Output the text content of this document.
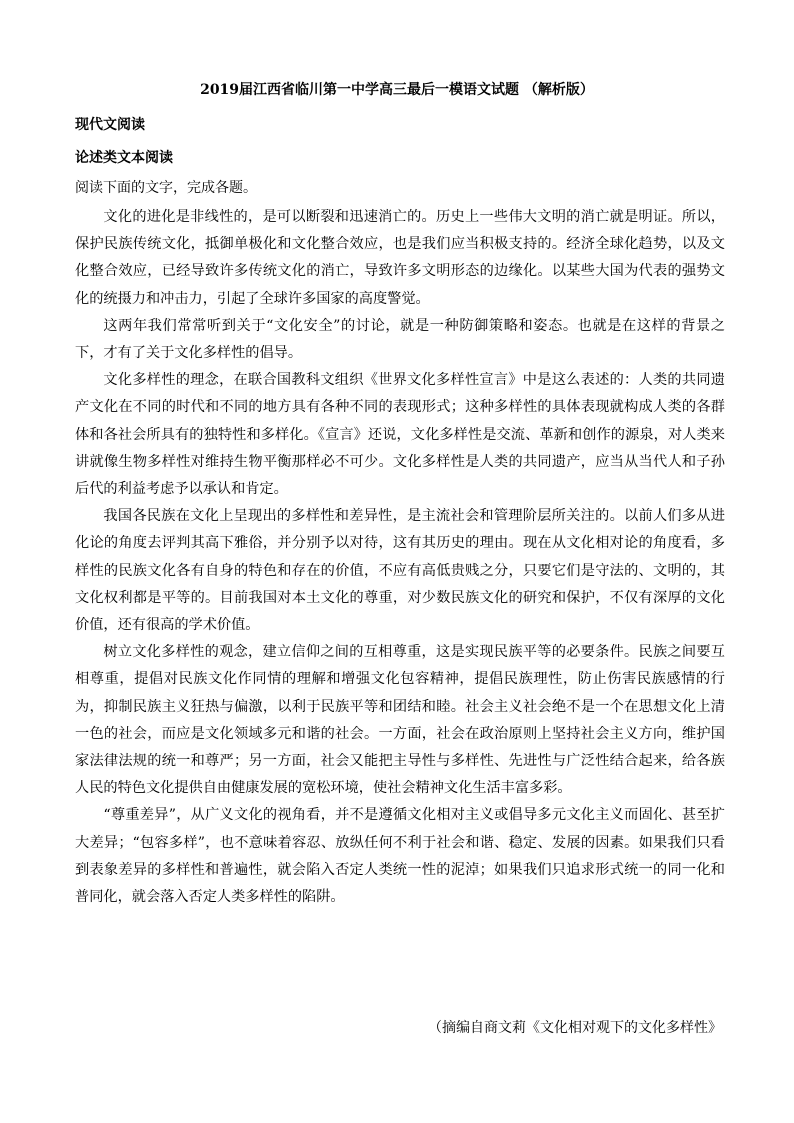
2019届江西省临川第一中学高三最后一模语文试题 （解析版）
现代文阅读
论述类文本阅读
阅读下面的文字，完成各题。

文化的进化是非线性的，是可以断裂和迅速消亡的。历史上一些伟大文明的消亡就是明证。所以，保护民族传统文化，抵御单极化和文化整合效应，也是我们应当积极支持的。经济全球化趋势，以及文化整合效应，已经导致许多传统文化的消亡，导致许多文明形态的边缘化。以某些大国为代表的强势文化的统摄力和冲击力，引起了全球许多国家的高度警觉。

这两年我们常常听到关于“文化安全”的讨论，就是一种防御策略和姿态。也就是在这样的背景之下，才有了关于文化多样性的倡导。

文化多样性的理念，在联合国教科文组织《世界文化多样性宣言》中是这么表述的：人类的共同遗产文化在不同的时代和不同的地方具有各种不同的表现形式；这种多样性的具体表现就构成人类的各群体和各社会所具有的独特性和多样化。《宣言》还说，文化多样性是交流、革新和创作的源泉，对人类来讲就像生物多样性对维持生物平衡那样必不可少。文化多样性是人类的共同遗产，应当从当代人和子孙后代的利益考虑予以承认和肯定。

我国各民族在文化上呈现出的多样性和差异性，是主流社会和管理阶层所关注的。以前人们多从进化论的角度去评判其高下雅俗，并分别予以对待，这有其历史的理由。现在从文化相对论的角度看，多样性的民族文化各有自身的特色和存在的价值，不应有高低贵贱之分，只要它们是守法的、文明的，其文化权利都是平等的。目前我国对本土文化的尊重，对少数民族文化的研究和保护，不仅有深厚的文化价值，还有很高的学术价值。

树立文化多样性的观念，建立信仰之间的互相尊重，这是实现民族平等的必要条件。民族之间要互相尊重，提倡对民族文化作同情的理解和增强文化包容精神，提倡民族理性，防止伤害民族感情的行为，抑制民族主义狂热与偏激，以利于民族平等和团结和睦。社会主义社会绝不是一个在思想文化上清一色的社会，而应是文化领域多元和谐的社会。一方面，社会在政治原则上坚持社会主义方向，维护国家法律法规的统一和尊严；另一方面，社会又能把主导性与多样性、先进性与广泛性结合起来，给各族人民的特色文化提供自由健康发展的宽松环境，使社会精神文化生活丰富多彩。

“尊重差异”，从广义文化的视角看，并不是遵循文化相对主义或倡导多元文化主义而固化、甚至扩大差异；“包容多样”，也不意味着容忍、放纵任何不利于社会和谐、稳定、发展的因素。如果我们只看到表象差异的多样性和普遍性，就会陷入否定人类统一性的泥淖；如果我们只追求形式统一的同一化和普同化，就会落入否定人类多样性的陷阱。

（摘编自商文莉《文化相对观下的文化多样性》
